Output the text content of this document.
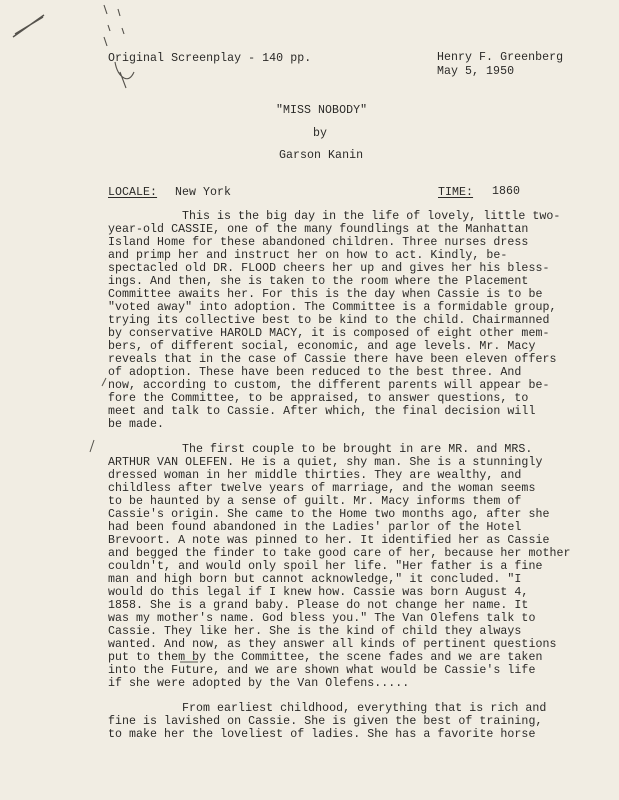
Original Screenplay - 140 pp.	Henry F. Greenberg
May 5, 1950
"MISS NOBODY"
by
Garson Kanin
LOCALE: New York	TIME: 1860
This is the big day in the life of lovely, little two-
year-old CASSIE, one of the many foundlings at the Manhattan
Island Home for these abandoned children. Three nurses dress
and primp her and instruct her on how to act. Kindly, be-
spectacled old DR. FLOOD cheers her up and gives her his bless-
ings. And then, she is taken to the room where the Placement
Committee awaits her. For this is the day when Cassie is to be
"voted away" into adoption. The Committee is a formidable group,
trying its collective best to be kind to the child. Chairmanned
by conservative HAROLD MACY, it is composed of eight other mem-
bers, of different social, economic, and age levels. Mr. Macy
reveals that in the case of Cassie there have been eleven offers
of adoption. These have been reduced to the best three. And
now, according to custom, the different parents will appear be-
fore the Committee, to be appraised, to answer questions, to
meet and talk to Cassie. After which, the final decision will
be made.
The first couple to be brought in are MR. and MRS.
ARTHUR VAN OLEFEN. He is a quiet, shy man. She is a stunningly
dressed woman in her middle thirties. They are wealthy, and
childless after twelve years of marriage, and the woman seems
to be haunted by a sense of guilt. Mr. Macy informs them of
Cassie's origin. She came to the Home two months ago, after she
had been found abandoned in the Ladies' parlor of the Hotel
Brevoort. A note was pinned to her. It identified her as Cassie
and begged the finder to take good care of her, because her mother
couldn't, and would only spoil her life. "Her father is a fine
man and high born but cannot acknowledge," it concluded. "I
would do this legal if I knew how. Cassie was born August 4,
1858. She is a grand baby. Please do not change her name. It
was my mother's name. God bless you." The Van Olefens talk to
Cassie. They like her. She is the kind of child they always
wanted. And now, as they answer all kinds of pertinent questions
put to them by the Committee, the scene fades and we are taken
into the Future, and we are shown what would be Cassie's life
if she were adopted by the Van Olefens.....
From earliest childhood, everything that is rich and
fine is lavished on Cassie. She is given the best of training,
to make her the loveliest of ladies. She has a favorite horse
